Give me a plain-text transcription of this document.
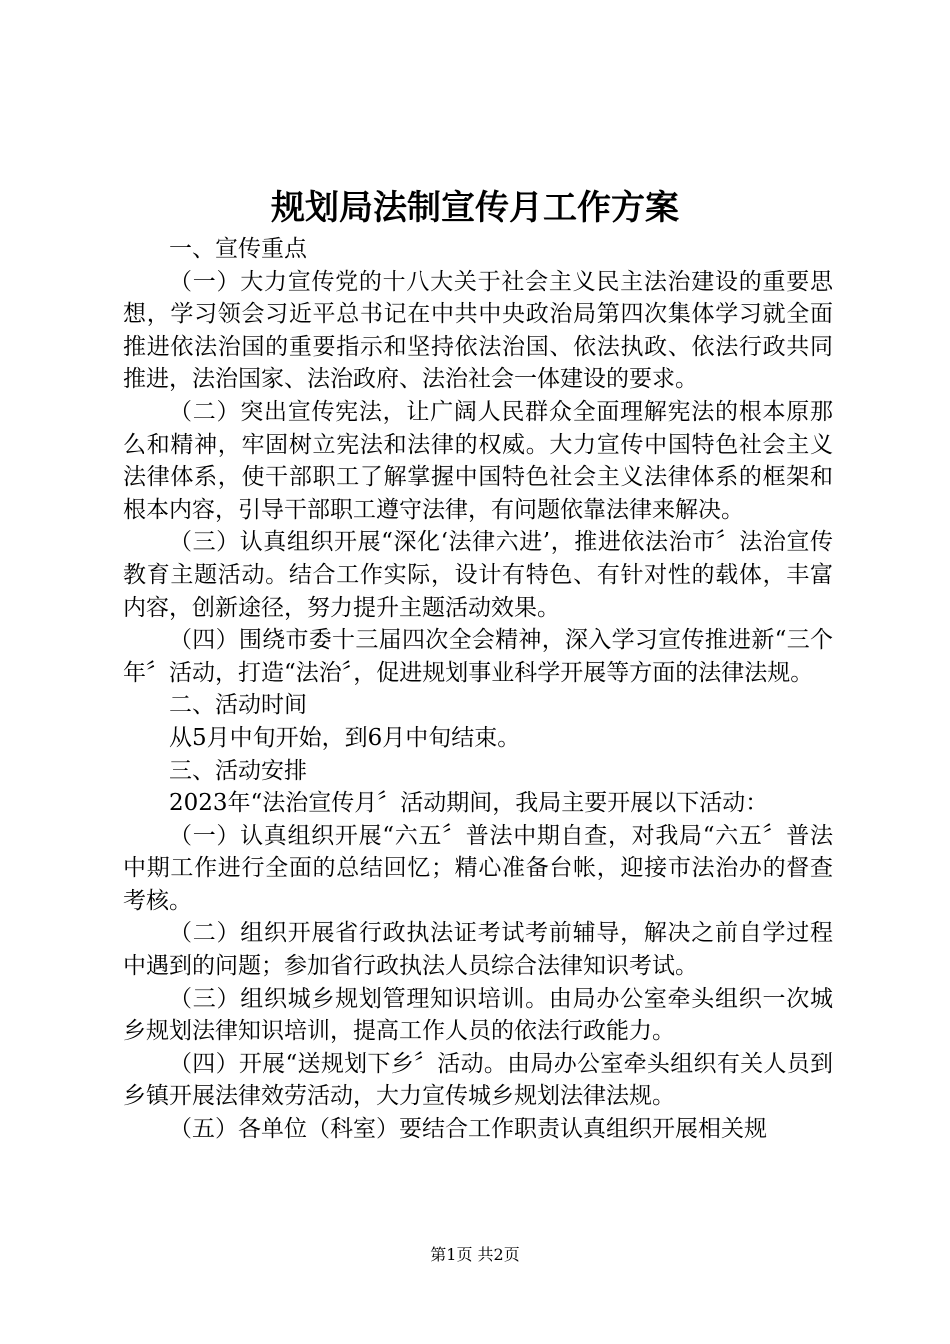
规划局法制宣传月工作方案

一、宣传重点

（一）大力宣传党的十八大关于社会主义民主法治建设的重要思想，学习领会习近平总书记在中共中央政治局第四次集体学习就全面推进依法治国的重要指示和坚持依法治国、依法执政、依法行政共同推进，法治国家、法治政府、法治社会一体建设的要求。

（二）突出宣传宪法，让广阔人民群众全面理解宪法的根本原那么和精神，牢固树立宪法和法律的权威。大力宣传中国特色社会主义法律体系，使干部职工了解掌握中国特色社会主义法律体系的框架和根本内容，引导干部职工遵守法律，有问题依靠法律来解决。

（三）认真组织开展“深化‘法律六进’，推进依法治市〞法治宣传教育主题活动。结合工作实际，设计有特色、有针对性的载体，丰富内容，创新途径，努力提升主题活动效果。

（四）围绕市委十三届四次全会精神，深入学习宣传推进新“三个年〞活动，打造“法治〞，促进规划事业科学开展等方面的法律法规。

二、活动时间

从5月中旬开始，到6月中旬结束。

三、活动安排

2023年“法治宣传月〞活动期间，我局主要开展以下活动：

（一）认真组织开展“六五〞普法中期自查，对我局“六五〞普法中期工作进行全面的总结回忆；精心准备台帐，迎接市法治办的督查考核。

（二）组织开展省行政执法证考试考前辅导，解决之前自学过程中遇到的问题；参加省行政执法人员综合法律知识考试。

（三）组织城乡规划管理知识培训。由局办公室牵头组织一次城乡规划法律知识培训，提高工作人员的依法行政能力。

（四）开展“送规划下乡〞活动。由局办公室牵头组织有关人员到乡镇开展法律效劳活动，大力宣传城乡规划法律法规。

（五）各单位（科室）要结合工作职责认真组织开展相关规

第1页 共2页
